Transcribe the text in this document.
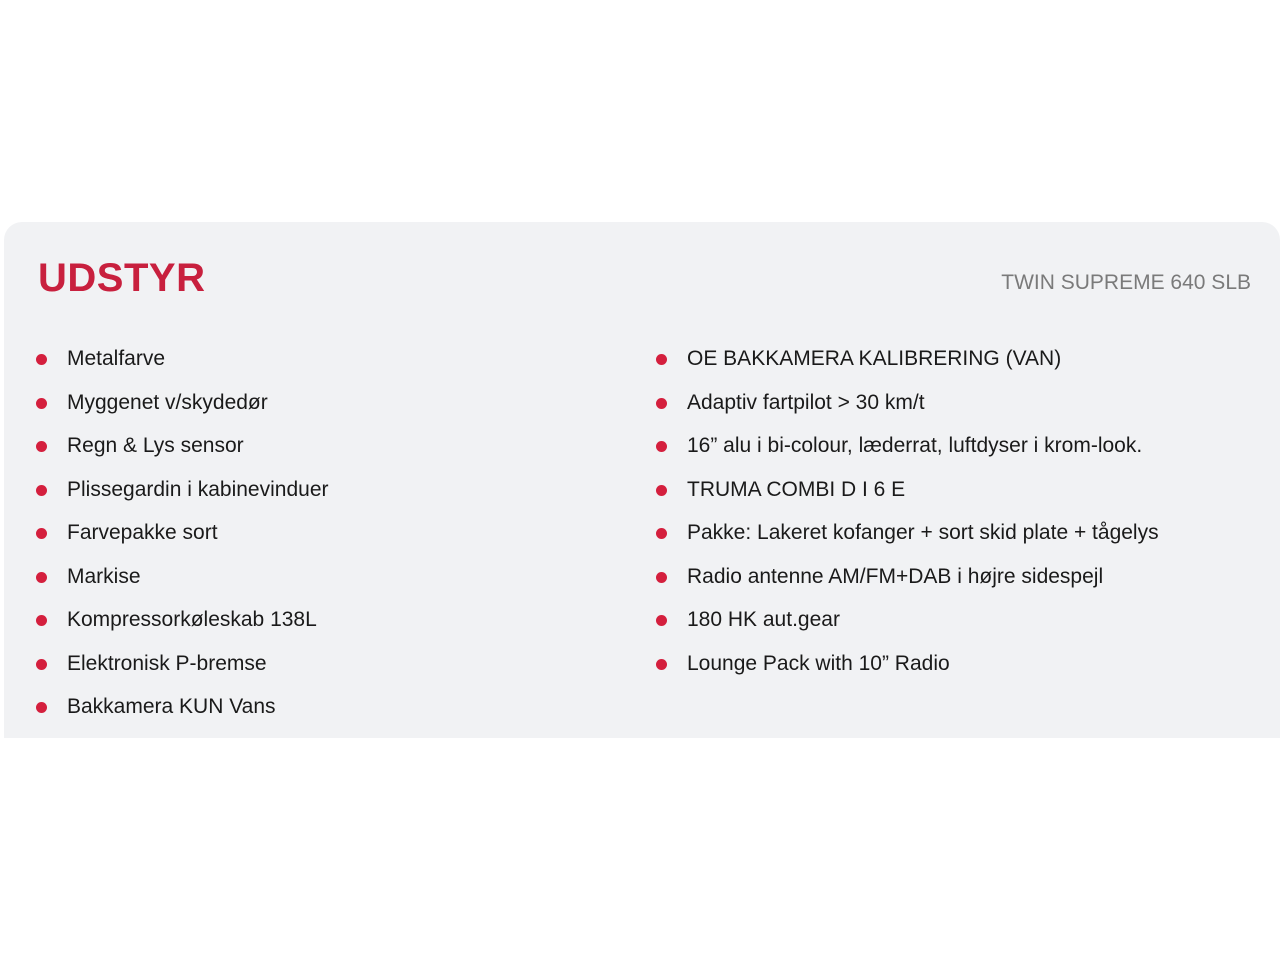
UDSTYR	TWIN SUPREME 640 SLB
Metalfarve
Myggenet v/skydedør
Regn & Lys sensor
Plissegardin i kabinevinduer
Farvepakke sort
Markise
Kompressorkøleskab 138L
Elektronisk P-bremse
Bakkamera KUN Vans
OE BAKKAMERA KALIBRERING (VAN)
Adaptiv fartpilot > 30 km/t
16” alu i bi-colour, læderrat, luftdyser i krom-look.
TRUMA COMBI D I 6 E
Pakke: Lakeret kofanger + sort skid plate + tågelys
Radio antenne AM/FM+DAB i højre sidespejl
180 HK aut.gear
Lounge Pack with 10” Radio
